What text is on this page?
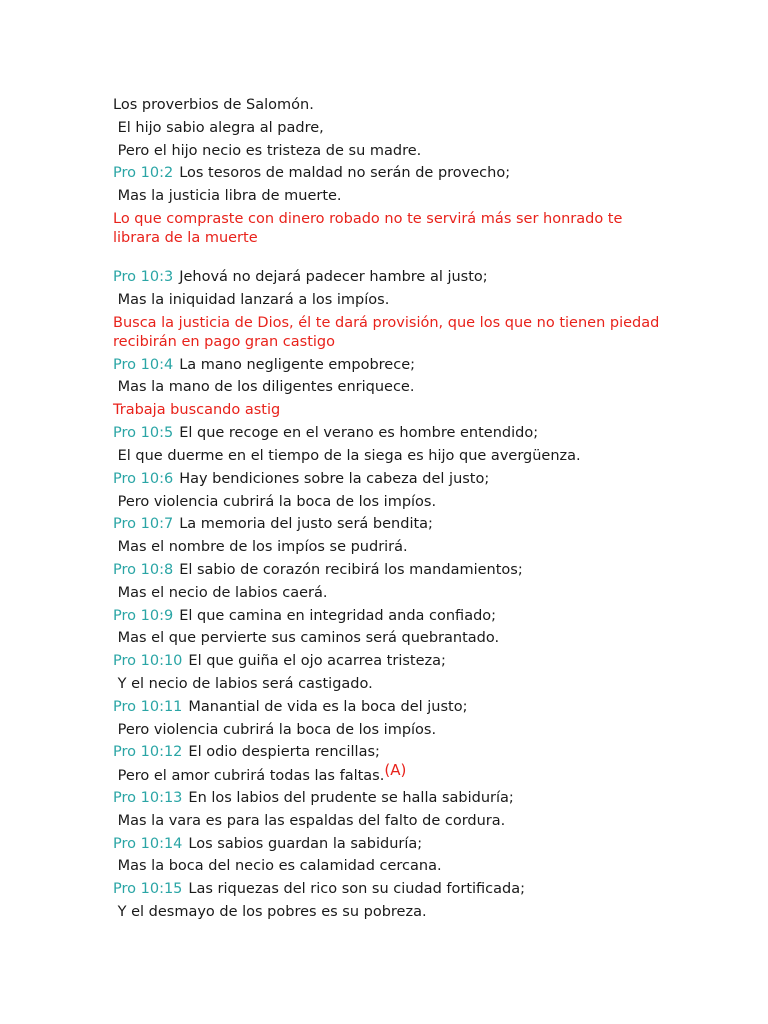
Los proverbios de Salomón.
El hijo sabio alegra al padre,
Pero el hijo necio es tristeza de su madre.
Pro 10:2 Los tesoros de maldad no serán de provecho;
Mas la justicia libra de muerte.
Lo que compraste con dinero robado no te servirá más ser honrado te librara de la muerte
Pro 10:3 Jehová no dejará padecer hambre al justo;
Mas la iniquidad lanzará a los impíos.
Busca la justicia de Dios, él te dará provisión, que los que no tienen piedad recibirán en pago gran castigo
Pro 10:4 La mano negligente empobrece;
Mas la mano de los diligentes enriquece.
Trabaja buscando astig
Pro 10:5 El que recoge en el verano es hombre entendido;
El que duerme en el tiempo de la siega es hijo que avergüenza.
Pro 10:6 Hay bendiciones sobre la cabeza del justo;
Pero violencia cubrirá la boca de los impíos.
Pro 10:7 La memoria del justo será bendita;
Mas el nombre de los impíos se pudrirá.
Pro 10:8 El sabio de corazón recibirá los mandamientos;
Mas el necio de labios caerá.
Pro 10:9 El que camina en integridad anda confiado;
Mas el que pervierte sus caminos será quebrantado.
Pro 10:10 El que guiña el ojo acarrea tristeza;
Y el necio de labios será castigado.
Pro 10:11 Manantial de vida es la boca del justo;
Pero violencia cubrirá la boca de los impíos.
Pro 10:12 El odio despierta rencillas;
Pero el amor cubrirá todas las faltas.(A)
Pro 10:13 En los labios del prudente se halla sabiduría;
Mas la vara es para las espaldas del falto de cordura.
Pro 10:14 Los sabios guardan la sabiduría;
Mas la boca del necio es calamidad cercana.
Pro 10:15 Las riquezas del rico son su ciudad fortificada;
Y el desmayo de los pobres es su pobreza.
